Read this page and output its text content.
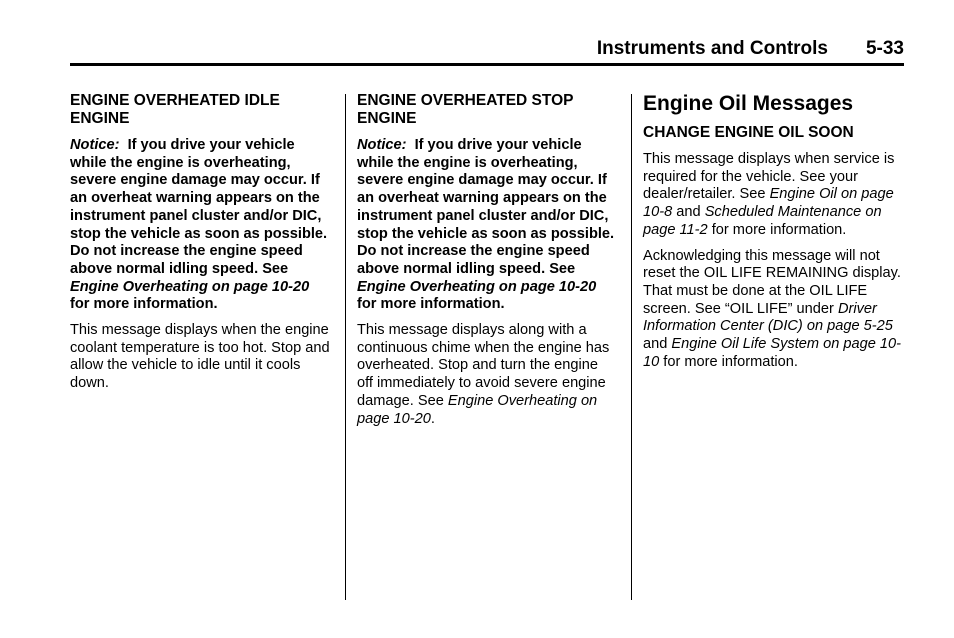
Instruments and Controls 5-33
ENGINE OVERHEATED IDLE ENGINE
Notice: If you drive your vehicle while the engine is overheating, severe engine damage may occur. If an overheat warning appears on the instrument panel cluster and/or DIC, stop the vehicle as soon as possible. Do not increase the engine speed above normal idling speed. See Engine Overheating on page 10-20 for more information.
This message displays when the engine coolant temperature is too hot. Stop and allow the vehicle to idle until it cools down.
ENGINE OVERHEATED STOP ENGINE
Notice: If you drive your vehicle while the engine is overheating, severe engine damage may occur. If an overheat warning appears on the instrument panel cluster and/or DIC, stop the vehicle as soon as possible. Do not increase the engine speed above normal idling speed. See Engine Overheating on page 10-20 for more information.
This message displays along with a continuous chime when the engine has overheated. Stop and turn the engine off immediately to avoid severe engine damage. See Engine Overheating on page 10-20.
Engine Oil Messages
CHANGE ENGINE OIL SOON
This message displays when service is required for the vehicle. See your dealer/retailer. See Engine Oil on page 10-8 and Scheduled Maintenance on page 11-2 for more information.
Acknowledging this message will not reset the OIL LIFE REMAINING display. That must be done at the OIL LIFE screen. See “OIL LIFE” under Driver Information Center (DIC) on page 5-25 and Engine Oil Life System on page 10-10 for more information.
